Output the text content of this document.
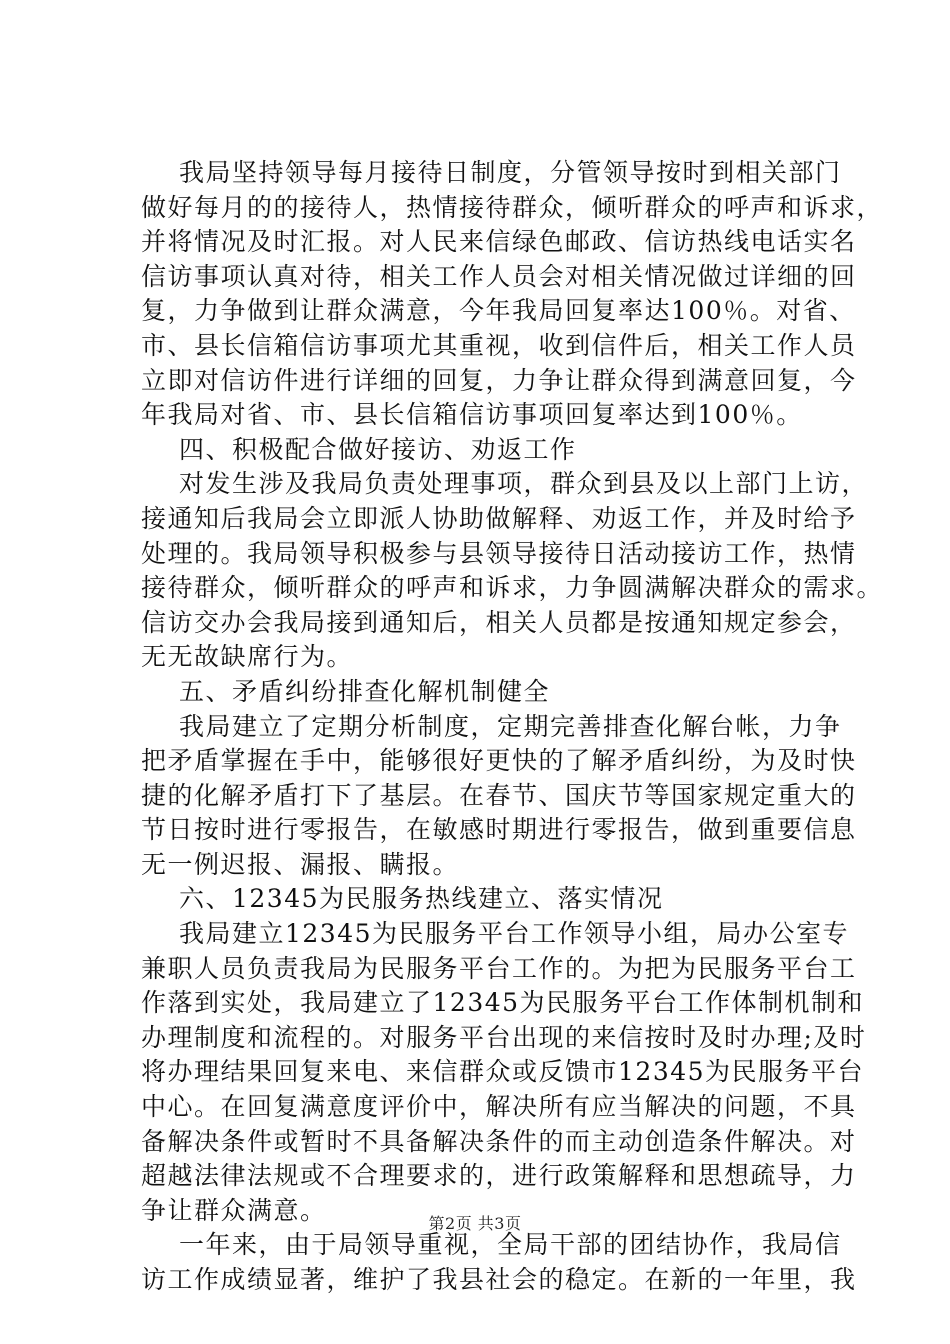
我局坚持领导每月接待日制度，分管领导按时到相关部门
做好每月的的接待人，热情接待群众，倾听群众的呼声和诉求，
并将情况及时汇报。对人民来信绿色邮政、信访热线电话实名
信访事项认真对待，相关工作人员会对相关情况做过详细的回
复，力争做到让群众满意，今年我局回复率达100％。对省、
市、县长信箱信访事项尤其重视，收到信件后，相关工作人员
立即对信访件进行详细的回复，力争让群众得到满意回复，今
年我局对省、市、县长信箱信访事项回复率达到100％。
四、积极配合做好接访、劝返工作
对发生涉及我局负责处理事项，群众到县及以上部门上访，
接通知后我局会立即派人协助做解释、劝返工作，并及时给予
处理的。我局领导积极参与县领导接待日活动接访工作，热情
接待群众，倾听群众的呼声和诉求，力争圆满解决群众的需求。
信访交办会我局接到通知后，相关人员都是按通知规定参会，
无无故缺席行为。
五、矛盾纠纷排查化解机制健全
我局建立了定期分析制度，定期完善排查化解台帐，力争
把矛盾掌握在手中，能够很好更快的了解矛盾纠纷，为及时快
捷的化解矛盾打下了基层。在春节、国庆节等国家规定重大的
节日按时进行零报告，在敏感时期进行零报告，做到重要信息
无一例迟报、漏报、瞒报。
六、12345为民服务热线建立、落实情况
我局建立12345为民服务平台工作领导小组，局办公室专
兼职人员负责我局为民服务平台工作的。为把为民服务平台工
作落到实处，我局建立了12345为民服务平台工作体制机制和
办理制度和流程的。对服务平台出现的来信按时及时办理;及时
将办理结果回复来电、来信群众或反馈市12345为民服务平台
中心。在回复满意度评价中，解决所有应当解决的问题，不具
备解决条件或暂时不具备解决条件的而主动创造条件解决。对
超越法律法规或不合理要求的，进行政策解释和思想疏导，力
争让群众满意。
一年来，由于局领导重视，全局干部的团结协作，我局信
访工作成绩显著，维护了我县社会的稳定。在新的一年里，我
第2页 共3页
